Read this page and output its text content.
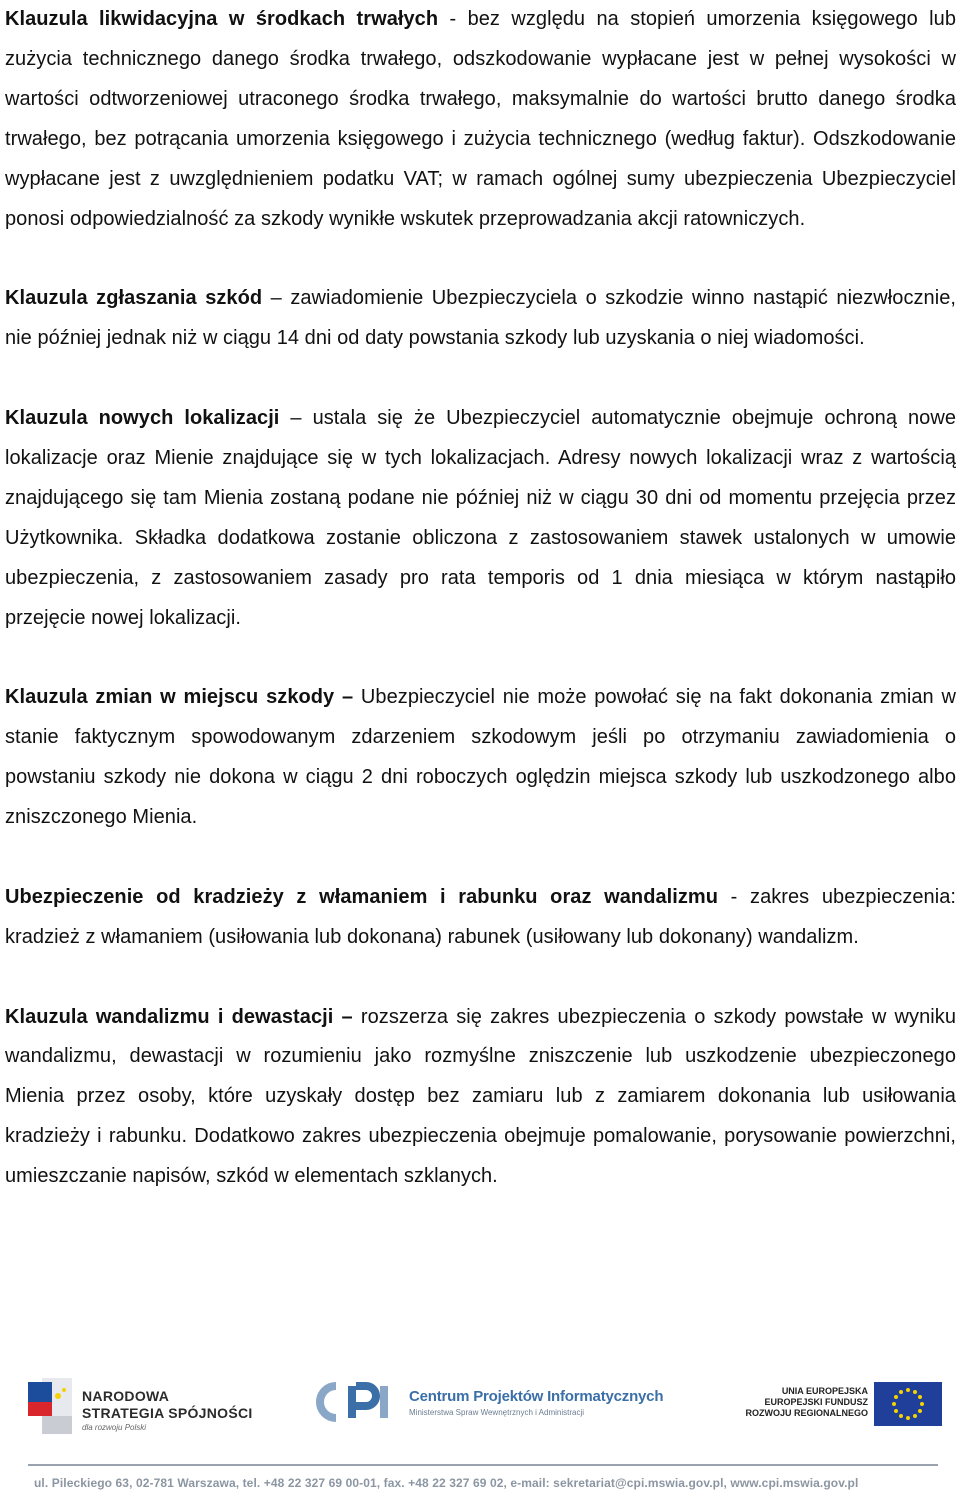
Klauzula likwidacyjna w środkach trwałych - bez względu na stopień umorzenia księgowego lub zużycia technicznego danego środka trwałego, odszkodowanie wypłacane jest w pełnej wysokości w wartości odtworzeniowej utraconego środka trwałego, maksymalnie do wartości brutto danego środka trwałego, bez potrącania umorzenia księgowego i zużycia technicznego (według faktur). Odszkodowanie wypłacane jest z uwzględnieniem podatku VAT; w ramach ogólnej sumy ubezpieczenia Ubezpieczyciel ponosi odpowiedzialność za szkody wynikłe wskutek przeprowadzania akcji ratowniczych.

Klauzula zgłaszania szkód – zawiadomienie Ubezpieczyciela o szkodzie winno nastąpić niezwłocznie, nie później jednak niż w ciągu 14 dni od daty powstania szkody lub uzyskania o niej wiadomości.

Klauzula nowych lokalizacji – ustala się że Ubezpieczyciel automatycznie obejmuje ochroną nowe lokalizacje oraz Mienie znajdujące się w tych lokalizacjach. Adresy nowych lokalizacji wraz z wartością znajdującego się tam Mienia zostaną podane nie później niż w ciągu 30 dni od momentu przejęcia przez Użytkownika. Składka dodatkowa zostanie obliczona z zastosowaniem stawek ustalonych w umowie ubezpieczenia, z zastosowaniem zasady pro rata temporis od 1 dnia miesiąca w którym nastąpiło przejęcie nowej lokalizacji.

Klauzula zmian w miejscu szkody – Ubezpieczyciel nie może powołać się na fakt dokonania zmian w stanie faktycznym spowodowanym zdarzeniem szkodowym jeśli po otrzymaniu zawiadomienia o powstaniu szkody nie dokona w ciągu 2 dni roboczych oględzin miejsca szkody lub uszkodzonego albo zniszczonego Mienia.

Ubezpieczenie od kradzieży z włamaniem i rabunku oraz wandalizmu - zakres ubezpieczenia: kradzież z włamaniem (usiłowania lub dokonana) rabunek (usiłowany lub dokonany) wandalizm.

Klauzula wandalizmu i dewastacji – rozszerza się zakres ubezpieczenia o szkody powstałe w wyniku wandalizmu, dewastacji w rozumieniu jako rozmyślne zniszczenie lub uszkodzenie ubezpieczonego Mienia przez osoby, które uzyskały dostęp bez zamiaru lub z zamiarem dokonania lub usiłowania kradzieży i rabunku. Dodatkowo zakres ubezpieczenia obejmuje pomalowanie, porysowanie powierzchni, umieszczanie napisów, szkód w elementach szklanych.

NARODOWA
STRATEGIA SPÓJNOŚCI
dla rozwoju Polski
Centrum Projektów Informatycznych
Ministerstwa Spraw Wewnętrznych i Administracji
UNIA EUROPEJSKA
EUROPEJSKI FUNDUSZ
ROZWOJU REGIONALNEGO
ul. Pileckiego 63, 02-781 Warszawa, tel. +48 22 327 69 00-01, fax. +48 22 327 69 02, e-mail: sekretariat@cpi.mswia.gov.pl, www.cpi.mswia.gov.pl
